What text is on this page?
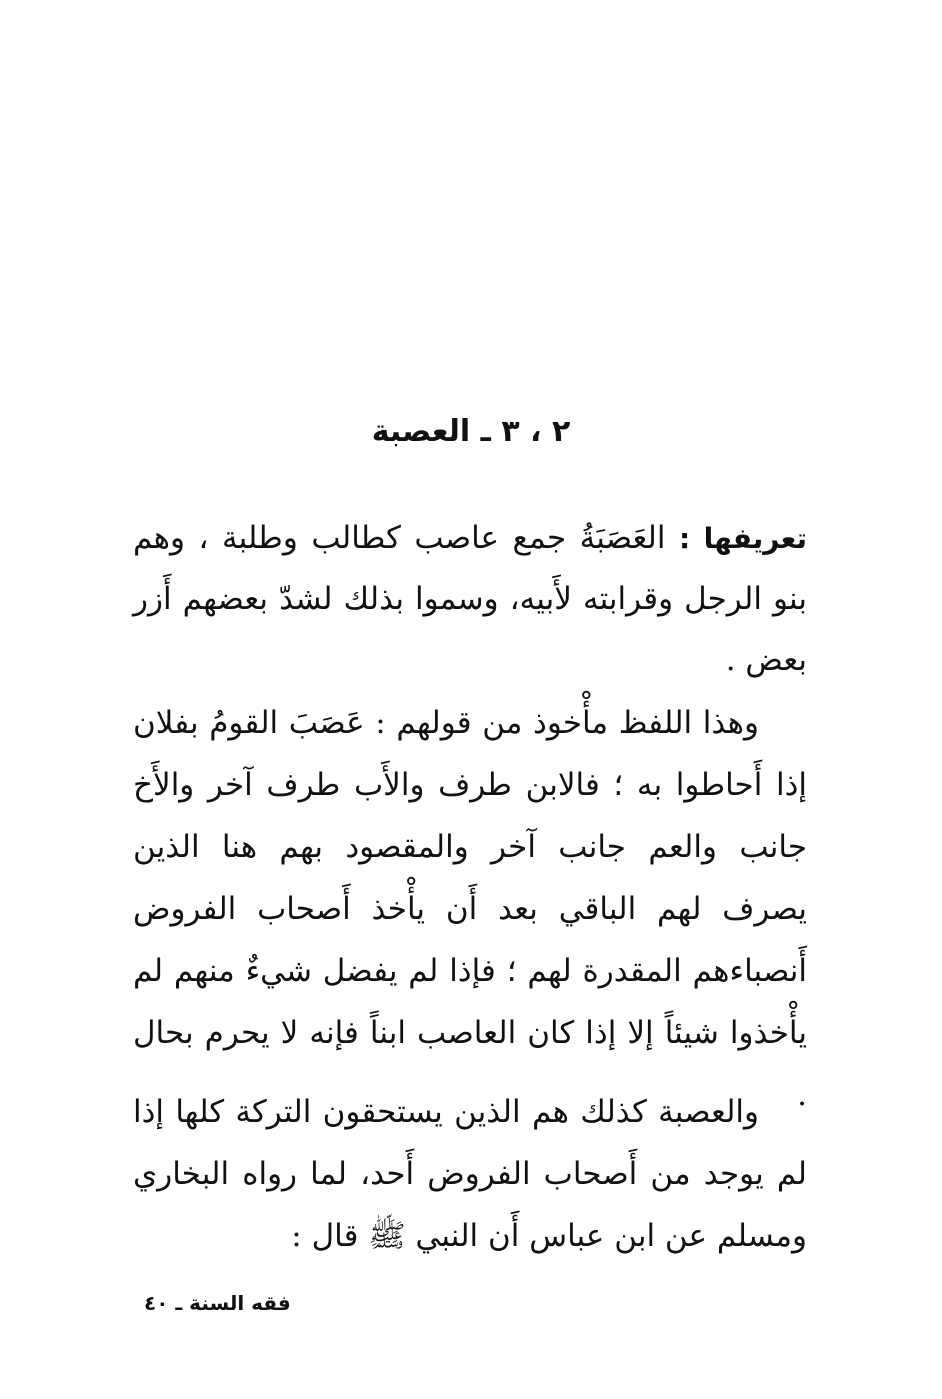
٢ ، ٣ ـ العصبة

تعريفها : العَصَبَةُ جمع عاصب كطالب وطلبة ، وهم بنو الرجل وقرابته لأَبيه، وسموا بذلك لشدّ بعضهم أَزر بعض .

وهذا اللفظ مأْخوذ من قولهم : عَصَبَ القومُ بفلان إذا أَحاطوا به ؛ فالابن طرف والأَب طرف آخر والأَخ جانب والعم جانب آخر والمقصود بهم هنا الذين يصرف لهم الباقي بعد أَن يأْخذ أَصحاب الفروض أَنصباءهم المقدرة لهم ؛ فإذا لم يفضل شيءٌ منهم لم يأْخذوا شيئاً إلا إذا كان العاصب ابناً فإنه لا يحرم بحال .

والعصبة كذلك هم الذين يستحقون التركة كلها إذا لم يوجد من أَصحاب الفروض أَحد، لما رواه البخاري ومسلم عن ابن عباس أَن النبي ﷺ قال :

فقه السنة ـ ٤٠
